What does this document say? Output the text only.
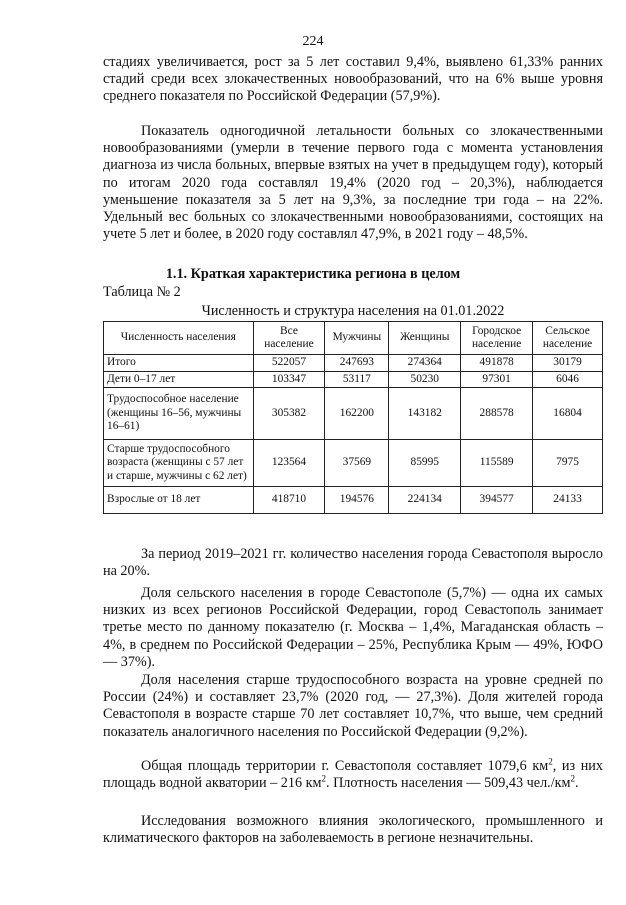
224

стадиях увеличивается, рост за 5 лет составил 9,4%, выявлено 61,33% ранних стадий среди всех злокачественных новообразований, что на 6% выше уровня среднего показателя по Российской Федерации (57,9%).

Показатель одногодичной летальности больных со злокачественными новообразованиями (умерли в течение первого года с момента установления диагноза из числа больных, впервые взятых на учет в предыдущем году), который по итогам 2020 года составлял 19,4% (2020 год – 20,3%), наблюдается уменьшение показателя за 5 лет на 9,3%, за последние три года – на 22%. Удельный вес больных со злокачественными новообразованиями, состоящих на учете 5 лет и более, в 2020 году составлял 47,9%, в 2021 году – 48,5%.

1.1. Краткая характеристика региона в целом
Таблица № 2
Численность и структура населения на 01.01.2022
Численность населения	Все население	Мужчины	Женщины	Городское население	Сельское население
Итого	522057	247693	274364	491878	30179
Дети 0–17 лет	103347	53117	50230	97301	6046
Трудоспособное население (женщины 16–56, мужчины 16–61)	305382	162200	143182	288578	16804
Старше трудоспособного возраста (женщины с 57 лет и старше, мужчины с 62 лет)	123564	37569	85995	115589	7975
Взрослые от 18 лет	418710	194576	224134	394577	24133

За период 2019–2021 гг. количество населения города Севастополя выросло на 20%.

Доля сельского населения в городе Севастополе (5,7%) — одна их самых низких из всех регионов Российской Федерации, город Севастополь занимает третье место по данному показателю (г. Москва – 1,4%, Магаданская область – 4%, в среднем по Российской Федерации – 25%, Республика Крым — 49%, ЮФО — 37%).

Доля населения старше трудоспособного возраста на уровне средней по России (24%) и составляет 23,7% (2020 год, — 27,3%). Доля жителей города Севастополя в возрасте старше 70 лет составляет 10,7%, что выше, чем средний показатель аналогичного населения по Российской Федерации (9,2%).

Общая площадь территории г. Севастополя составляет 1079,6 $км^2$, из них площадь водной акватории – 216 $км^2$. Плотность населения — 509,43 $чел./км^2$.

Исследования возможного влияния экологического, промышленного и климатического факторов на заболеваемость в регионе незначительны.
